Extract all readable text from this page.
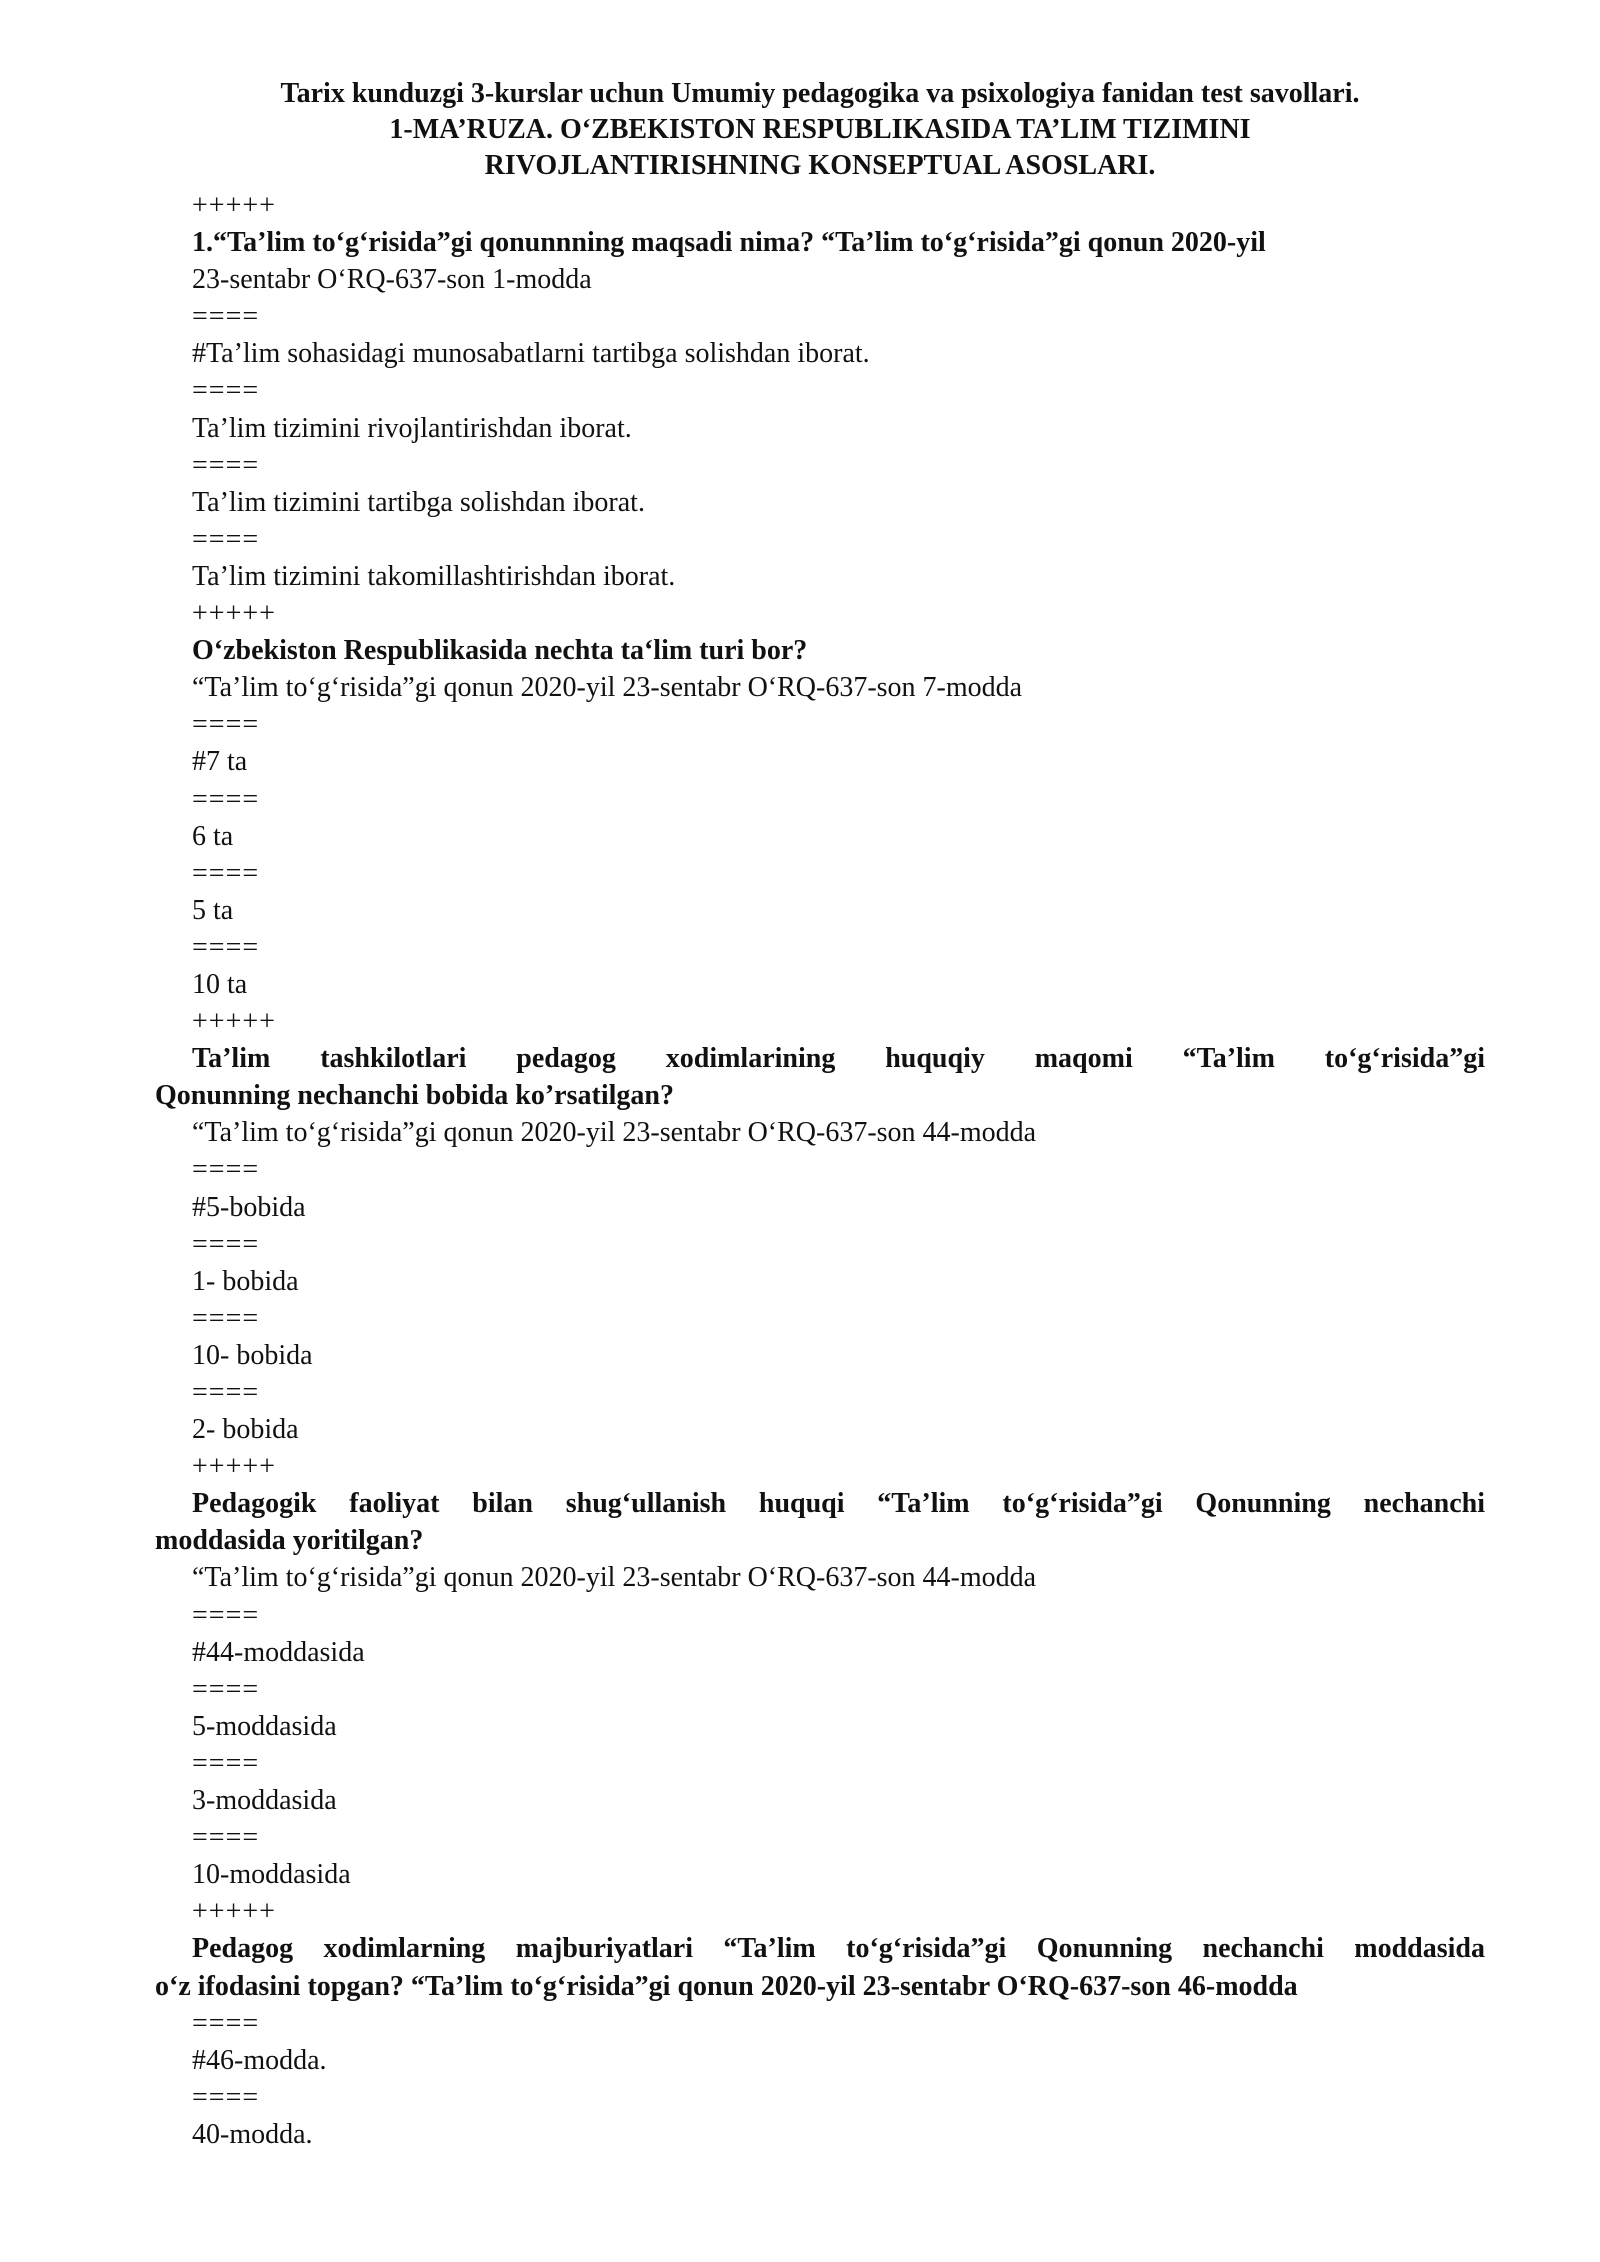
Tarix kunduzgi 3-kurslar uchun Umumiy pedagogika va psixologiya fanidan test savollari.
1-MA’RUZA. O‘ZBEKISTON RESPUBLIKASIDA TA’LIM TIZIMINI
RIVOJLANTIRISHNING KONSEPTUAL ASOSLARI.
+++++
1.“Ta’lim to‘g‘risida”gi qonunnning maqsadi nima? “Ta’lim to‘g‘risida”gi qonun 2020-yil
23-sentabr O‘RQ-637-son 1-modda
====
#Ta’lim sohasidagi munosabatlarni tartibga solishdan iborat.
====
Ta’lim tizimini rivojlantirishdan iborat.
====
Ta’lim tizimini tartibga solishdan iborat.
====
Ta’lim tizimini takomillashtirishdan iborat.
+++++
O‘zbekiston Respublikasida nechta ta‘lim turi bor?
“Ta’lim to‘g‘risida”gi qonun 2020-yil 23-sentabr O‘RQ-637-son 7-modda
====
#7 ta
====
6 ta
====
5 ta
====
10 ta
+++++
Ta’lim tashkilotlari pedagog xodimlarining huquqiy maqomi “Ta’lim to‘g‘risida”gi
Qonunning nechanchi bobida ko’rsatilgan?
“Ta’lim to‘g‘risida”gi qonun 2020-yil 23-sentabr O‘RQ-637-son 44-modda
====
#5-bobida
====
1- bobida
====
10- bobida
====
2- bobida
+++++
Pedagogik faoliyat bilan shug‘ullanish huquqi “Ta’lim to‘g‘risida”gi Qonunning nechanchi
moddasida yoritilgan?
“Ta’lim to‘g‘risida”gi qonun 2020-yil 23-sentabr O‘RQ-637-son 44-modda
====
#44-moddasida
====
5-moddasida
====
3-moddasida
====
10-moddasida
+++++
Pedagog xodimlarning majburiyatlari “Ta’lim to‘g‘risida”gi Qonunning nechanchi moddasida
o‘z ifodasini topgan? “Ta’lim to‘g‘risida”gi qonun 2020-yil 23-sentabr O‘RQ-637-son 46-modda
====
#46-modda.
====
40-modda.
